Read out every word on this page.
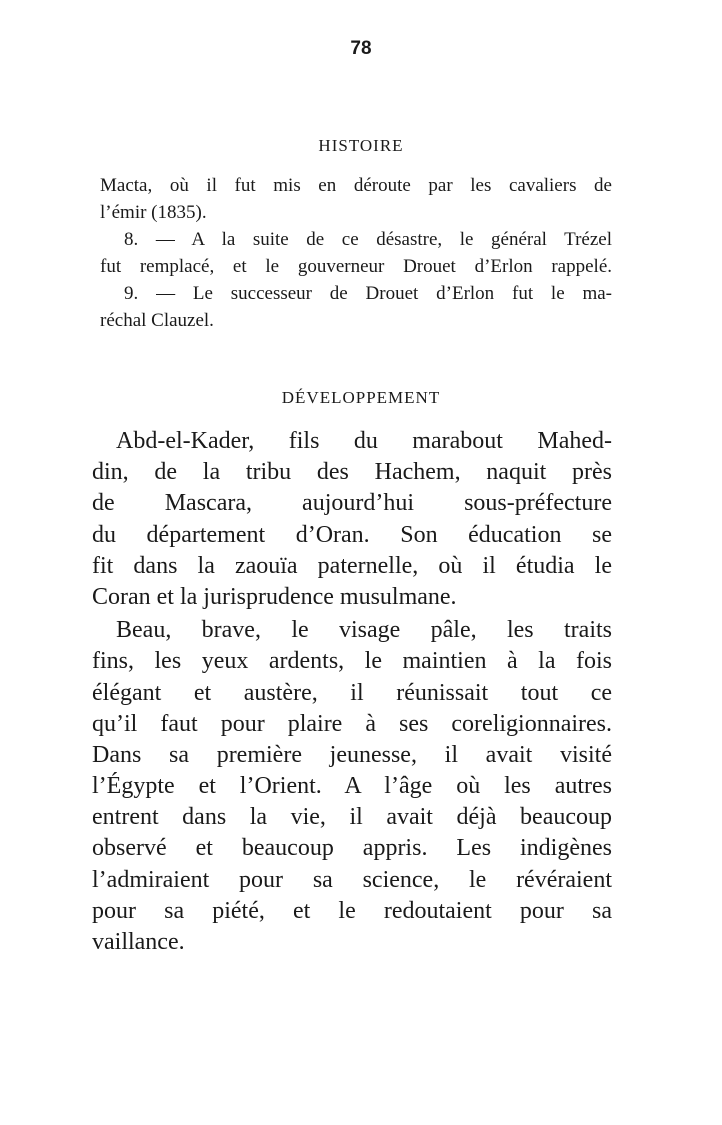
78
HISTOIRE
Macta, où il fut mis en déroute par les cavaliers de
l’émir (1835).
8. — A la suite de ce désastre, le général Trézel
fut remplacé, et le gouverneur Drouet d’Erlon rappelé.
9. — Le successeur de Drouet d’Erlon fut le ma-
réchal Clauzel.
DÉVELOPPEMENT
Abd-el-Kader, fils du marabout Mahed-
din, de la tribu des Hachem, naquit près
de Mascara, aujourd’hui sous-préfecture
du département d’Oran. Son éducation se
fit dans la zaouïa paternelle, où il étudia le
Coran et la jurisprudence musulmane.
Beau, brave, le visage pâle, les traits
fins, les yeux ardents, le maintien à la fois
élégant et austère, il réunissait tout ce
qu’il faut pour plaire à ses coreligionnaires.
Dans sa première jeunesse, il avait visité
l’Égypte et l’Orient. A l’âge où les autres
entrent dans la vie, il avait déjà beaucoup
observé et beaucoup appris. Les indigènes
l’admiraient pour sa science, le révéraient
pour sa piété, et le redoutaient pour sa
vaillance.
